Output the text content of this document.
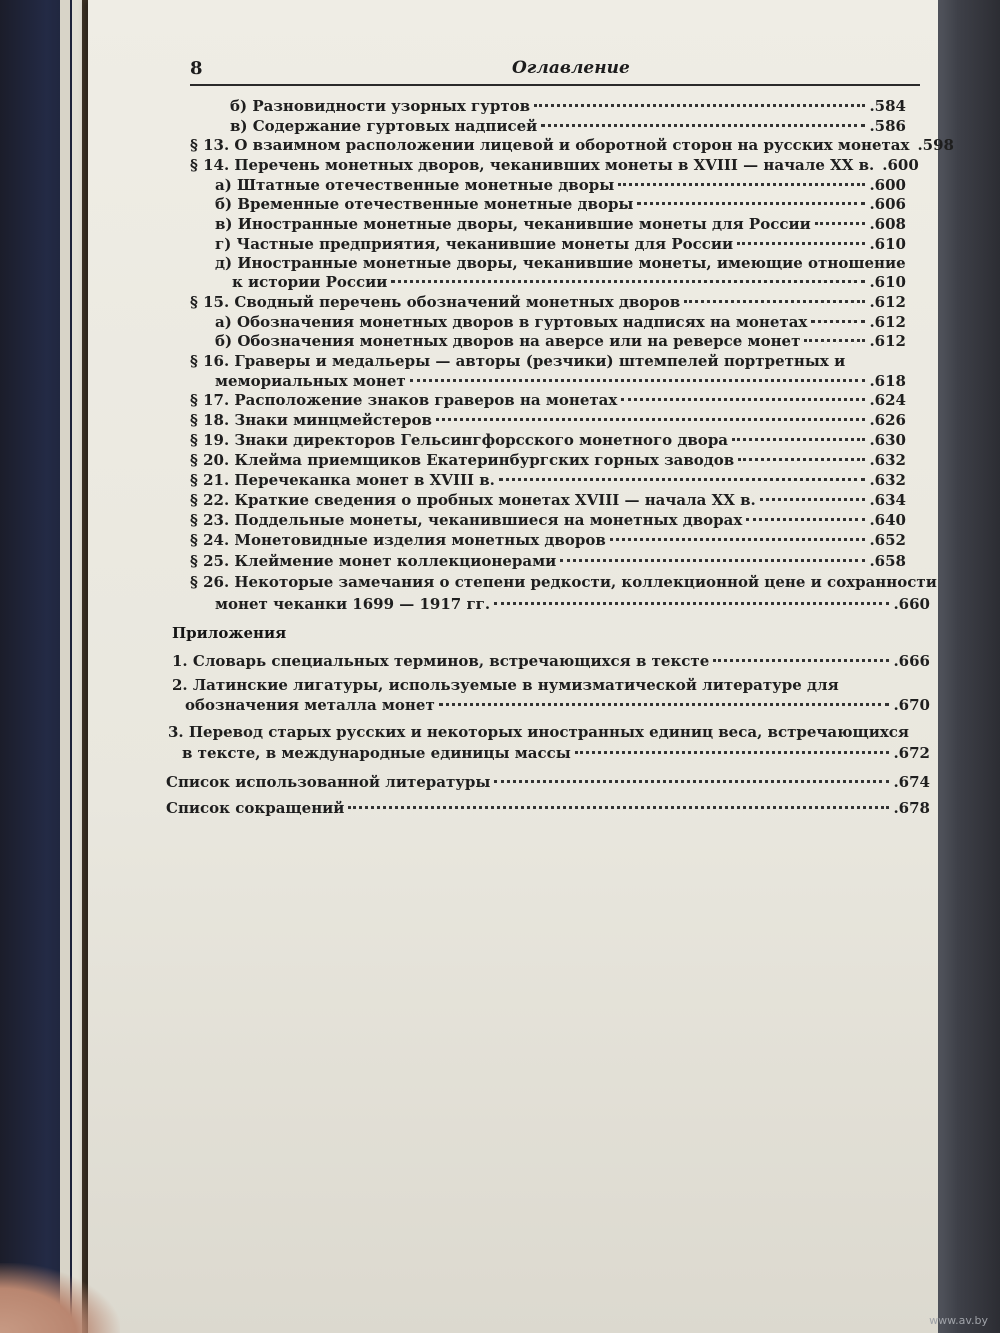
8	Оглавление
б) Разновидности узорных гуртов	.584
в) Содержание гуртовых надписей	.586
§ 13. О взаимном расположении лицевой и оборотной сторон на русских монетах .598
§ 14. Перечень монетных дворов, чеканивших монеты в XVIII — начале XX в. .600
а) Штатные отечественные монетные дворы	.600
б) Временные отечественные монетные дворы	.606
в) Иностранные монетные дворы, чеканившие монеты для России	.608
г) Частные предприятия, чеканившие монеты для России	.610
д) Иностранные монетные дворы, чеканившие монеты, имеющие отношение
к истории России	.610
§ 15. Сводный перечень обозначений монетных дворов	.612
а) Обозначения монетных дворов в гуртовых надписях на монетах	.612
б) Обозначения монетных дворов на аверсе или на реверсе монет	.612
§ 16. Граверы и медальеры — авторы (резчики) штемпелей портретных и
мемориальных монет	.618
§ 17. Расположение знаков граверов на монетах	.624
§ 18. Знаки минцмейстеров	.626
§ 19. Знаки директоров Гельсингфорсского монетного двора	.630
§ 20. Клейма приемщиков Екатеринбургских горных заводов	.632
§ 21. Перечеканка монет в XVIII в.	.632
§ 22. Краткие сведения о пробных монетах XVIII — начала XX в.	.634
§ 23. Поддельные монеты, чеканившиеся на монетных дворах	.640
§ 24. Монетовидные изделия монетных дворов	.652
§ 25. Клеймение монет коллекционерами	.658
§ 26. Некоторые замечания о степени редкости, коллекционной цене и сохранности
монет чеканки 1699 — 1917 гг.	.660
Приложения
1. Словарь специальных терминов, встречающихся в тексте	.666
2. Латинские лигатуры, используемые в нумизматической литературе для
обозначения металла монет	.670
3. Перевод старых русских и некоторых иностранных единиц веса, встречающихся
в тексте, в международные единицы массы	.672
Список использованной литературы	.674
Список сокращений	.678
www.av.by
